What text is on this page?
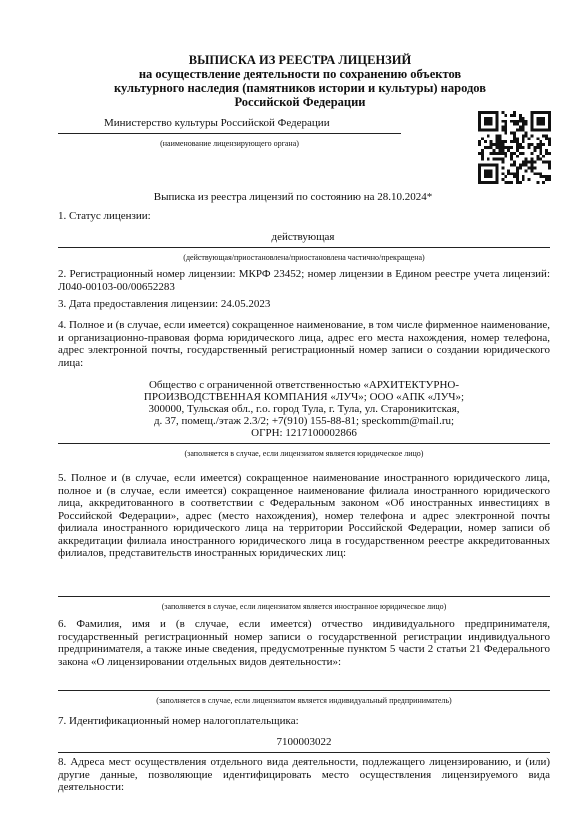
ВЫПИСКА ИЗ РЕЕСТРА ЛИЦЕНЗИЙ
на осуществление деятельности по сохранению объектов
культурного наследия (памятников истории и культуры) народов
Российской Федерации
Министерство культуры Российской Федерации
(наименование лицензирующего органа)
Выписка из реестра лицензий по состоянию на 28.10.2024*
1. Статус лицензии:
действующая
(действующая/приостановлена/приостановлена частично/прекращена)
2. Регистрационный номер лицензии: МКРФ 23452; номер лицензии в Едином реестре учета лицензий: Л040-00103-00/00652283
3. Дата предоставления лицензии: 24.05.2023
4. Полное и (в случае, если имеется) сокращенное наименование, в том числе фирменное наименование, и организационно-правовая форма юридического лица, адрес его места нахождения, номер телефона, адрес электронной почты, государственный регистрационный номер записи о создании юридического лица:
Общество с ограниченной ответственностью «АРХИТЕКТУРНО-
ПРОИЗВОДСТВЕННАЯ КОМПАНИЯ «ЛУЧ»; ООО «АПК «ЛУЧ»;
300000, Тульская обл., г.о. город Тула, г. Тула, ул. Староникитская,
д. 37, помещ./этаж 2.3/2; +7(910) 155-88-81; speckomm@mail.ru;
ОГРН: 1217100002866
(заполняется в случае, если лицензиатом является юридическое лицо)
5. Полное и (в случае, если имеется) сокращенное наименование иностранного юридического лица, полное и (в случае, если имеется) сокращенное наименование филиала иностранного юридического лица, аккредитованного в соответствии с Федеральным законом «Об иностранных инвестициях в Российской Федерации», адрес (место нахождения), номер телефона и адрес электронной почты филиала иностранного юридического лица на территории Российской Федерации, номер записи об аккредитации филиала иностранного юридического лица в государственном реестре аккредитованных филиалов, представительств иностранных юридических лиц:
(заполняется в случае, если лицензиатом является иностранное юридическое лицо)
6. Фамилия, имя и (в случае, если имеется) отчество индивидуального предпринимателя, государственный регистрационный номер записи о государственной регистрации индивидуального предпринимателя, а также иные сведения, предусмотренные пунктом 5 части 2 статьи 21 Федерального закона «О лицензировании отдельных видов деятельности»:
(заполняется в случае, если лицензиатом является индивидуальный предприниматель)
7. Идентификационный номер налогоплательщика:
7100003022
8. Адреса мест осуществления отдельного вида деятельности, подлежащего лицензированию, и (или) другие данные, позволяющие идентифицировать место осуществления лицензируемого вида деятельности:
